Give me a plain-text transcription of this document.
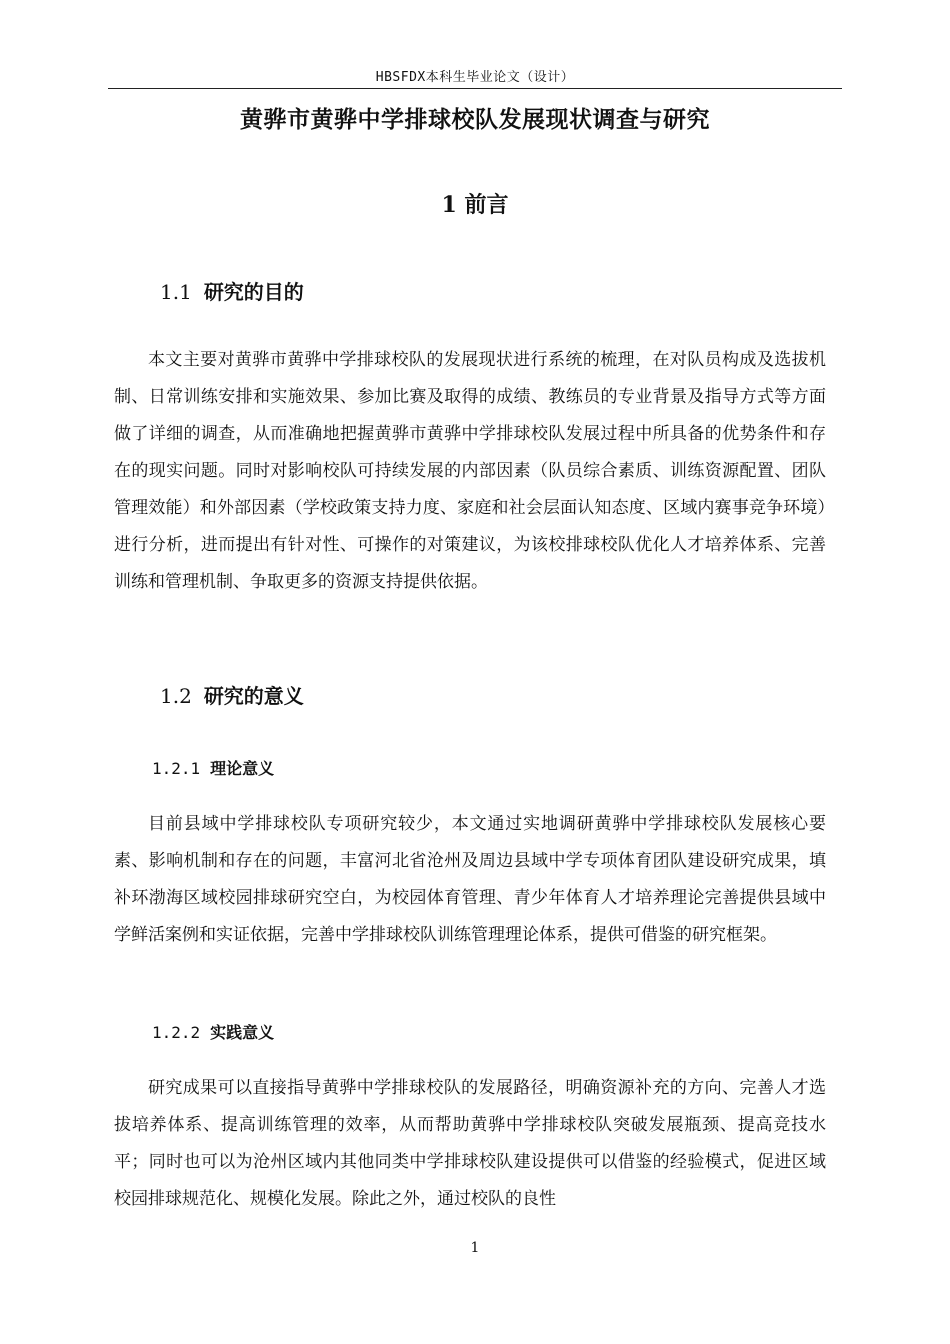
HBSFDX本科生毕业论文（设计）
黄骅市黄骅中学排球校队发展现状调查与研究
1 前言
1.1 研究的目的

本文主要对黄骅市黄骅中学排球校队的发展现状进行系统的梳理，在对队员构成及选拔机制、日常训练安排和实施效果、参加比赛及取得的成绩、教练员的专业背景及指导方式等方面做了详细的调查，从而准确地把握黄骅市黄骅中学排球校队发展过程中所具备的优势条件和存在的现实问题。同时对影响校队可持续发展的内部因素（队员综合素质、训练资源配置、团队管理效能）和外部因素（学校政策支持力度、家庭和社会层面认知态度、区域内赛事竞争环境）进行分析，进而提出有针对性、可操作的对策建议，为该校排球校队优化人才培养体系、完善训练和管理机制、争取更多的资源支持提供依据。

1.2 研究的意义
1.2.1 理论意义

目前县域中学排球校队专项研究较少，本文通过实地调研黄骅中学排球校队发展核心要素、影响机制和存在的问题，丰富河北省沧州及周边县域中学专项体育团队建设研究成果，填补环渤海区域校园排球研究空白，为校园体育管理、青少年体育人才培养理论完善提供县域中学鲜活案例和实证依据，完善中学排球校队训练管理理论体系，提供可借鉴的研究框架。

1.2.2 实践意义

研究成果可以直接指导黄骅中学排球校队的发展路径，明确资源补充的方向、完善人才选拔培养体系、提高训练管理的效率，从而帮助黄骅中学排球校队突破发展瓶颈、提高竞技水平；同时也可以为沧州区域内其他同类中学排球校队建设提供可以借鉴的经验模式，促进区域校园排球规范化、规模化发展。除此之外，通过校队的良性

1
